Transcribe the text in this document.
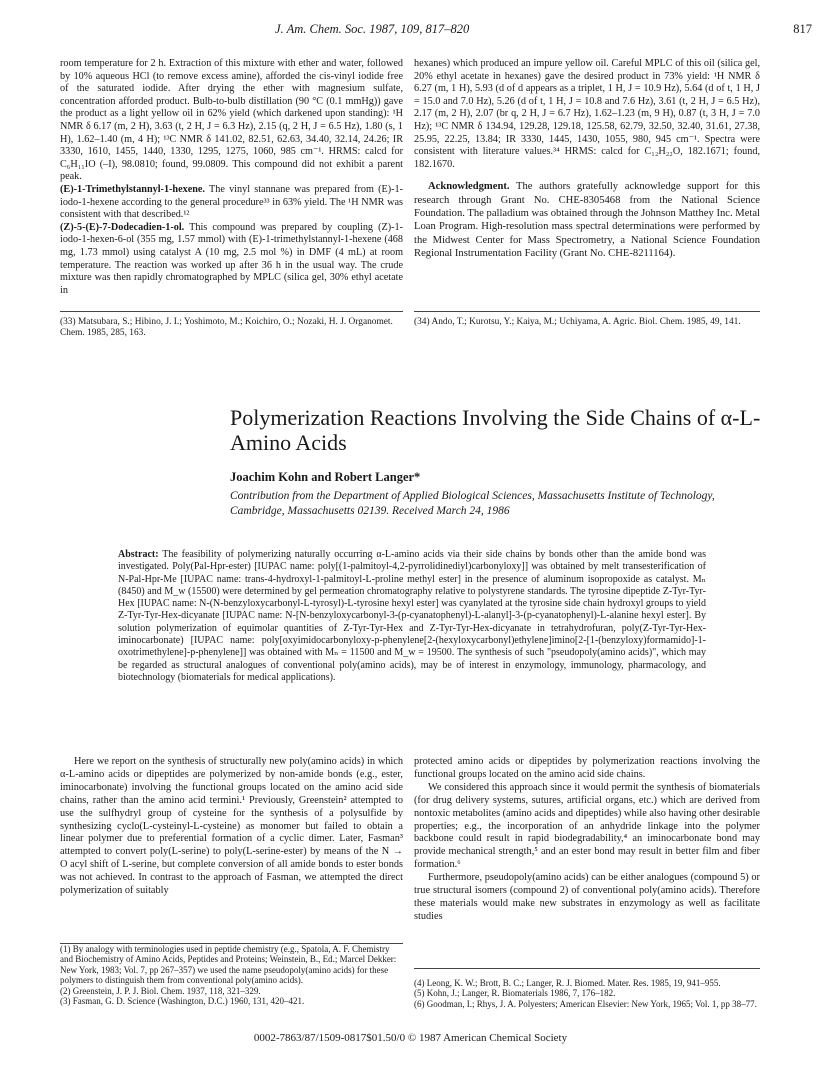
J. Am. Chem. Soc. 1987, 109, 817–820	817

room temperature for 2 h. Extraction of this mixture with ether and water, followed by 10% aqueous HCl (to remove excess amine), afforded the cis-vinyl iodide free of the saturated iodide. After drying the ether with magnesium sulfate, concentration afforded product. Bulb-to-bulb distillation (90 °C (0.1 mmHg)) gave the product as a light yellow oil in 62% yield (which darkened upon standing): ¹H NMR δ 6.17 (m, 2 H), 3.63 (t, 2 H, J = 6.3 Hz), 2.15 (q, 2 H, J = 6.5 Hz), 1.80 (s, 1 H), 1.62–1.40 (m, 4 H); ¹³C NMR δ 141.02, 82.51, 62.63, 34.40, 32.14, 24.26; IR 3330, 1610, 1455, 1440, 1330, 1295, 1275, 1060, 985 cm⁻¹. HRMS: calcd for C₆H₁₁IO (–I), 98.0810; found, 99.0809. This compound did not exhibit a parent peak.

(E)-1-Trimethylstannyl-1-hexene. The vinyl stannane was prepared from (E)-1-iodo-1-hexene according to the general procedure³³ in 63% yield. The ¹H NMR was consistent with that described.¹²

(Z)-5-(E)-7-Dodecadien-1-ol. This compound was prepared by coupling (Z)-1-iodo-1-hexen-6-ol (355 mg, 1.57 mmol) with (E)-1-trimethylstannyl-1-hexene (468 mg, 1.73 mmol) using catalyst A (10 mg, 2.5 mol %) in DMF (4 mL) at room temperature. The reaction was worked up after 36 h in the usual way. The crude mixture was then rapidly chromatographed by MPLC (silica gel, 30% ethyl acetate in

hexanes) which produced an impure yellow oil. Careful MPLC of this oil (silica gel, 20% ethyl acetate in hexanes) gave the desired product in 73% yield: ¹H NMR δ 6.27 (m, 1 H), 5.93 (d of d appears as a triplet, 1 H, J = 10.9 Hz), 5.64 (d of t, 1 H, J = 15.0 and 7.0 Hz), 5.26 (d of t, 1 H, J = 10.8 and 7.6 Hz), 3.61 (t, 2 H, J = 6.5 Hz), 2.17 (m, 2 H), 2.07 (br q, 2 H, J = 6.7 Hz), 1.62–1.23 (m, 9 H), 0.87 (t, 3 H, J = 7.0 Hz); ¹³C NMR δ 134.94, 129.28, 129.18, 125.58, 62.79, 32.50, 32.40, 31.61, 27.38, 25.95, 22.25, 13.84; IR 3330, 1445, 1430, 1055, 980, 945 cm⁻¹. Spectra were consistent with literature values.³⁴ HRMS: calcd for C₁₂H₂₂O, 182.1671; found, 182.1670.

Acknowledgment. The authors gratefully acknowledge support for this research through Grant No. CHE-8305468 from the National Science Foundation. The palladium was obtained through the Johnson Matthey Inc. Metal Loan Program. High-resolution mass spectral determinations were performed by the Midwest Center for Mass Spectrometry, a National Science Foundation Regional Instrumentation Facility (Grant No. CHE-8211164).

(33) Matsubara, S.; Hibino, J. I.; Yoshimoto, M.; Koichiro, O.; Nozaki, H. J. Organomet. Chem. 1985, 285, 163.

(34) Ando, T.; Kurotsu, Y.; Kaiya, M.; Uchiyama, A. Agric. Biol. Chem. 1985, 49, 141.

Polymerization Reactions Involving the Side Chains of α-L-Amino Acids
Joachim Kohn and Robert Langer*
Contribution from the Department of Applied Biological Sciences, Massachusetts Institute of Technology, Cambridge, Massachusetts 02139. Received March 24, 1986
Abstract: The feasibility of polymerizing naturally occurring α-L-amino acids via their side chains by bonds other than the amide bond was investigated. Poly(Pal-Hpr-ester) [IUPAC name: poly[(1-palmitoyl-4,2-pyrrolidinediyl)carbonyloxy]] was obtained by melt transesterification of N-Pal-Hpr-Me [IUPAC name: trans-4-hydroxyl-1-palmitoyl-L-proline methyl ester] in the presence of aluminum isopropoxide as catalyst. Mₙ (8450) and M_w (15500) were determined by gel permeation chromatography relative to polystyrene standards. The tyrosine dipeptide Z-Tyr-Tyr-Hex [IUPAC name: N-(N-benzyloxycarbonyl-L-tyrosyl)-L-tyrosine hexyl ester] was cyanylated at the tyrosine side chain hydroxyl groups to yield Z-Tyr-Tyr-Hex-dicyanate [IUPAC name: N-[N-benzyloxycarbonyl-3-(p-cyanatophenyl)-L-alanyl]-3-(p-cyanatophenyl)-L-alanine hexyl ester]. By solution polymerization of equimolar quantities of Z-Tyr-Tyr-Hex and Z-Tyr-Tyr-Hex-dicyanate in tetrahydrofuran, poly(Z-Tyr-Tyr-Hex-iminocarbonate) [IUPAC name: poly[oxyimidocarbonyloxy-p-phenylene[2-(hexyloxycarbonyl)ethylene]imino[2-[1-(benzyloxy)formamido]-1-oxotrimethylene]-p-phenylene]] was obtained with Mₙ = 11500 and M_w = 19500. The synthesis of such "pseudopoly(amino acids)", which may be regarded as structural analogues of conventional poly(amino acids), may be of interest in enzymology, immunology, pharmacology, and biotechnology (biomaterials for medical applications).

Here we report on the synthesis of structurally new poly(amino acids) in which α-L-amino acids or dipeptides are polymerized by non-amide bonds (e.g., ester, iminocarbonate) involving the functional groups located on the amino acid side chains, rather than the amino acid termini.¹ Previously, Greenstein² attempted to use the sulfhydryl group of cysteine for the synthesis of a polysulfide by synthesizing cyclo(L-cysteinyl-L-cysteine) as monomer but failed to obtain a linear polymer due to preferential formation of a cyclic dimer. Later, Fasman³ attempted to convert poly(L-serine) to poly(L-serine-ester) by means of the N → O acyl shift of L-serine, but complete conversion of all amide bonds to ester bonds was not achieved. In contrast to the approach of Fasman, we attempted the direct polymerization of suitably

protected amino acids or dipeptides by polymerization reactions involving the functional groups located on the amino acid side chains.

We considered this approach since it would permit the synthesis of biomaterials (for drug delivery systems, sutures, artificial organs, etc.) which are derived from nontoxic metabolites (amino acids and dipeptides) while also having other desirable properties; e.g., the incorporation of an anhydride linkage into the polymer backbone could result in rapid biodegradability,⁴ an iminocarbonate bond may provide mechanical strength,⁵ and an ester bond may result in better film and fiber formation.⁶

Furthermore, pseudopoly(amino acids) can be either analogues (compound 5) or true structural isomers (compound 2) of conventional poly(amino acids). Therefore these materials would make new substrates in enzymology as well as facilitate studies

(1) By analogy with terminologies used in peptide chemistry (e.g., Spatola, A. F. Chemistry and Biochemistry of Amino Acids, Peptides and Proteins; Weinstein, B., Ed.; Marcel Dekker: New York, 1983; Vol. 7, pp 267–357) we used the name pseudopoly(amino acids) for these polymers to distinguish them from conventional poly(amino acids).

(2) Greenstein, J. P. J. Biol. Chem. 1937, 118, 321–329.

(3) Fasman, G. D. Science (Washington, D.C.) 1960, 131, 420–421.

(4) Leong, K. W.; Brott, B. C.; Langer, R. J. Biomed. Mater. Res. 1985, 19, 941–955.

(5) Kohn, J.; Langer, R. Biomaterials 1986, 7, 176–182.

(6) Goodman, I.; Rhys, J. A. Polyesters; American Elsevier: New York, 1965; Vol. 1, pp 38–77.

0002-7863/87/1509-0817$01.50/0 © 1987 American Chemical Society
